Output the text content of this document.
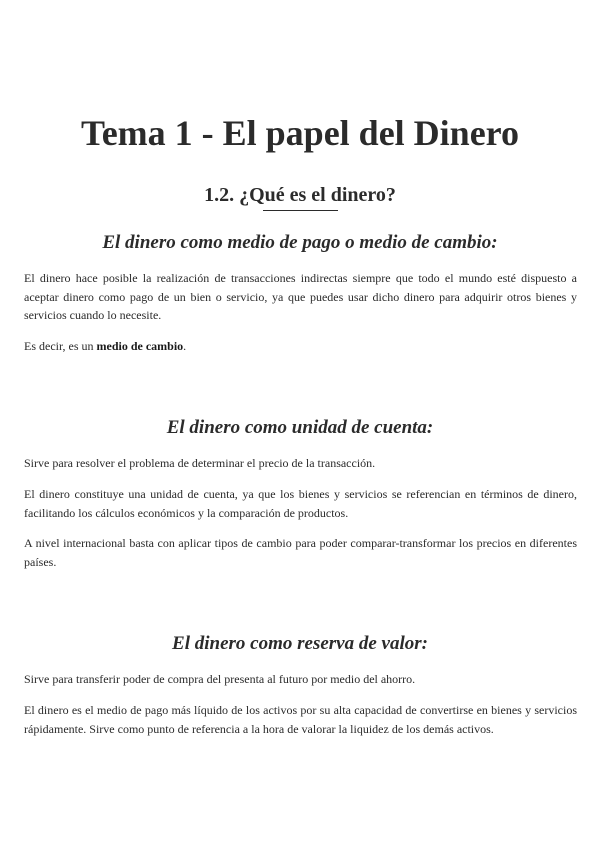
Tema 1 - El papel del Dinero
1.2. ¿Qué es el dinero?
El dinero como medio de pago o medio de cambio:

El dinero hace posible la realización de transacciones indirectas siempre que todo el mundo esté dispuesto a aceptar dinero como pago de un bien o servicio, ya que puedes usar dicho dinero para adquirir otros bienes y servicios cuando lo necesite.

Es decir, es un medio de cambio.

El dinero como unidad de cuenta:

Sirve para resolver el problema de determinar el precio de la transacción.

El dinero constituye una unidad de cuenta, ya que los bienes y servicios se referencian en términos de dinero, facilitando los cálculos económicos y la comparación de productos.

A nivel internacional basta con aplicar tipos de cambio para poder comparar-transformar los precios en diferentes países.

El dinero como reserva de valor:

Sirve para transferir poder de compra del presenta al futuro por medio del ahorro.

El dinero es el medio de pago más líquido de los activos por su alta capacidad de convertirse en bienes y servicios rápidamente. Sirve como punto de referencia a la hora de valorar la liquidez de los demás activos.
